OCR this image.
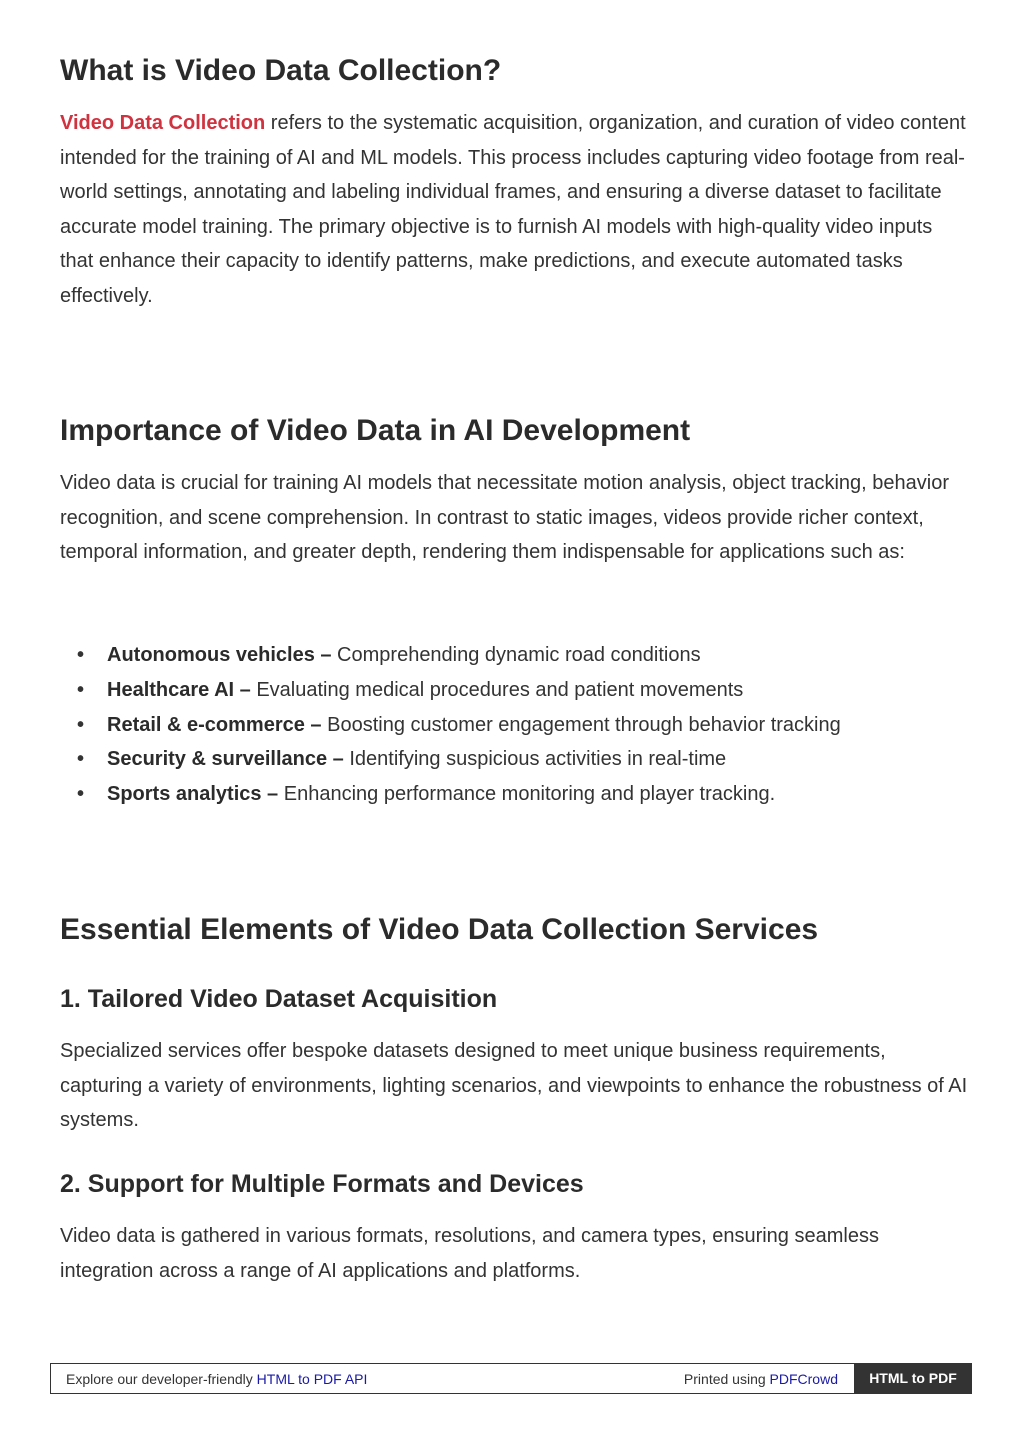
What is Video Data Collection?

Video Data Collection refers to the systematic acquisition, organization, and curation of video content intended for the training of AI and ML models. This process includes capturing video footage from real-world settings, annotating and labeling individual frames, and ensuring a diverse dataset to facilitate accurate model training. The primary objective is to furnish AI models with high-quality video inputs that enhance their capacity to identify patterns, make predictions, and execute automated tasks effectively.

Importance of Video Data in AI Development

Video data is crucial for training AI models that necessitate motion analysis, object tracking, behavior recognition, and scene comprehension. In contrast to static images, videos provide richer context, temporal information, and greater depth, rendering them indispensable for applications such as:

• Autonomous vehicles – Comprehending dynamic road conditions
• Healthcare AI – Evaluating medical procedures and patient movements
• Retail & e-commerce – Boosting customer engagement through behavior tracking
• Security & surveillance – Identifying suspicious activities in real-time
• Sports analytics – Enhancing performance monitoring and player tracking.
Essential Elements of Video Data Collection Services
1. Tailored Video Dataset Acquisition

Specialized services offer bespoke datasets designed to meet unique business requirements, capturing a variety of environments, lighting scenarios, and viewpoints to enhance the robustness of AI systems.

2. Support for Multiple Formats and Devices

Video data is gathered in various formats, resolutions, and camera types, ensuring seamless integration across a range of AI applications and platforms.

Explore our developer-friendly HTML to PDF API	Printed using PDFCrowd	HTML to PDF
